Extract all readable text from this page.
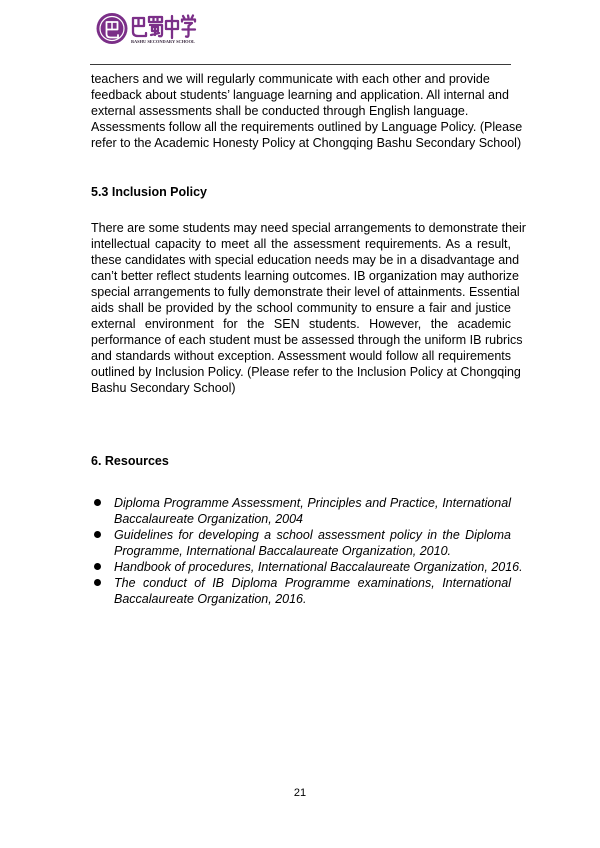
BASHU SECONDARY SCHOOL
teachers and we will regularly communicate with each other and provide
feedback about students’ language learning and application. All internal and
external assessments shall be conducted through English language.
Assessments follow all the requirements outlined by Language Policy. (Please
refer to the Academic Honesty Policy at Chongqing Bashu Secondary School)
5.3 Inclusion Policy
There are some students may need special arrangements to demonstrate their
intellectual capacity to meet all the assessment requirements. As a result,
these candidates with special education needs may be in a disadvantage and
can’t better reflect students learning outcomes. IB organization may authorize
special arrangements to fully demonstrate their level of attainments. Essential
aids shall be provided by the school community to ensure a fair and justice
external environment for the SEN students. However, the academic
performance of each student must be assessed through the uniform IB rubrics
and standards without exception. Assessment would follow all requirements
outlined by Inclusion Policy. (Please refer to the Inclusion Policy at Chongqing
Bashu Secondary School)
6. Resources
Diploma Programme Assessment, Principles and Practice, International
Baccalaureate Organization, 2004
Guidelines for developing a school assessment policy in the Diploma
Programme, International Baccalaureate Organization, 2010.
Handbook of procedures, International Baccalaureate Organization, 2016.
The conduct of IB Diploma Programme examinations, International
Baccalaureate Organization, 2016.
21
